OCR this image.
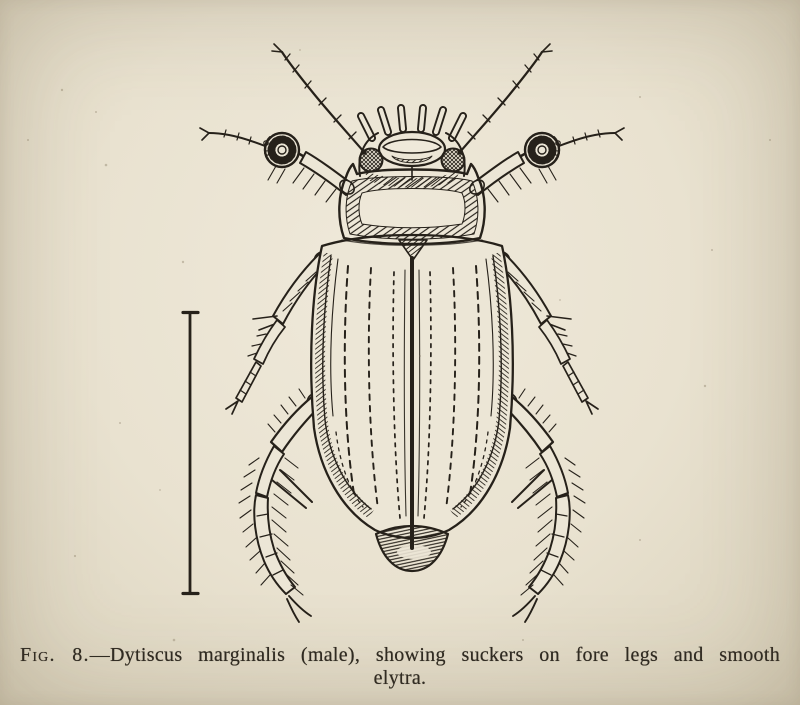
Fig. 8.—Dytiscus marginalis (male), showing suckers on fore legs and smooth
elytra.
